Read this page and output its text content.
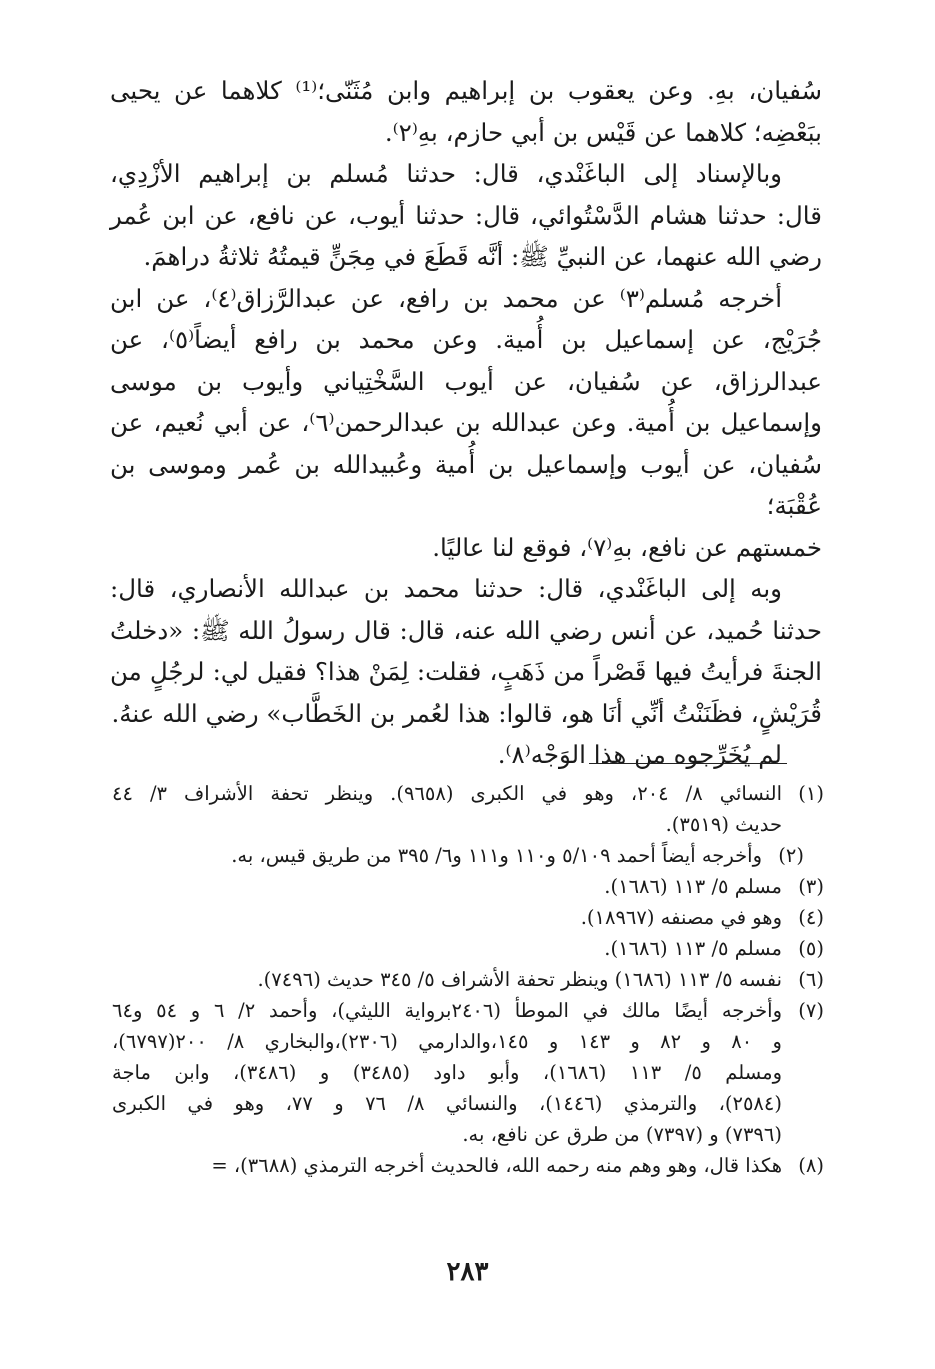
سُفيان، بهِ. وعن يعقوب بن إبراهيم وابن مُثَنّى؛⁽¹⁾ كلاهما عن يحيى

ببَعْضِه؛ كلاهما عن قَيْس بن أبي حازم، بهِ⁽٢⁾.

وبالإسناد إلى الباغَنْدي، قال: حدثنا مُسلم بن إبراهيم الأزْدِي،

قال: حدثنا هشام الدَّسْتُوائي، قال: حدثنا أيوب، عن نافع، عن ابن عُمر

رضي الله عنهما، عن النبيِّ ﷺ: أنَّه قَطَعَ في مِجَنٍّ قيمتُهُ ثلاثةُ دراهمَ.

أخرجه مُسلم⁽٣⁾ عن محمد بن رافع، عن عبدالرَّزاق⁽٤⁾، عن ابن

جُرَيْج، عن إسماعيل بن أُمية. وعن محمد بن رافع أيضاً⁽٥⁾، عن

عبدالرزاق، عن سُفيان، عن أيوب السَّخْتِياني وأيوب بن موسى

وإسماعيل بن أُمية. وعن عبدالله بن عبدالرحمن⁽٦⁾، عن أبي نُعيم، عن

سُفيان، عن أيوب وإسماعيل بن أُمية وعُبيدالله بن عُمر وموسى بن عُقْبَة؛

خمستهم عن نافع، بهِ⁽٧⁾، فوقع لنا عاليًا.

وبه إلى الباغَنْدي، قال: حدثنا محمد بن عبدالله الأنصاري، قال:

حدثنا حُميد، عن أنس رضي الله عنه، قال: قال رسولُ الله ﷺ: «دخلتُ

الجنةَ فرأيتُ فيها قَصْراً من ذَهَبٍ، فقلت: لِمَنْ هذا؟ فقيل لي: لرجُلٍ من

قُرَيْشٍ، فظَنَنْتُ أنِّي أنَا هو، قالوا: هذا لعُمر بن الخَطَّاب» رضي الله عنهُ.

لم يُخَرِّجوه من هذا الوَجْه⁽٨⁾.

(١)
النسائي ٨/ ٢٠٤، وهو في الكبرى (٩٦٥٨). وينظر تحفة الأشراف ٣/ ٤٤
حديث (٣٥١٩).
(٢)
وأخرجه أيضاً أحمد ٥/١٠٩ و١١٠ و١١١ و٦/ ٣٩٥ من طريق قيس، به.
(٣)
مسلم ٥/ ١١٣ (١٦٨٦).
(٤)
وهو في مصنفه (١٨٩٦٧).
(٥)
مسلم ٥/ ١١٣ (١٦٨٦).
(٦)
نفسه ٥/ ١١٣ (١٦٨٦) وينظر تحفة الأشراف ٥/ ٣٤٥ حديث (٧٤٩٦).
(٧)
وأخرجه أيضًا مالك في الموطأ (٢٤٠٦برواية الليثي)، وأحمد ٢/ ٦ و ٥٤ و٦٤
و ٨٠ و ٨٢ و ١٤٣ و ١٤٥،والدارمي (٢٣٠٦)،والبخاري ٨/ ٢٠٠(٦٧٩٧)،
ومسلم ٥/ ١١٣ (١٦٨٦)، وأبو داود (٣٤٨٥) و (٣٤٨٦)، وابن ماجة
(٢٥٨٤)، والترمذي (١٤٤٦)، والنسائي ٨/ ٧٦ و ٧٧، وهو في الكبرى
(٧٣٩٦) و (٧٣٩٧) من طرق عن نافع، به.
(٨)
هكذا قال، وهو وهم منه رحمه الله، فالحديث أخرجه الترمذي (٣٦٨٨)، =
٢٨٣
